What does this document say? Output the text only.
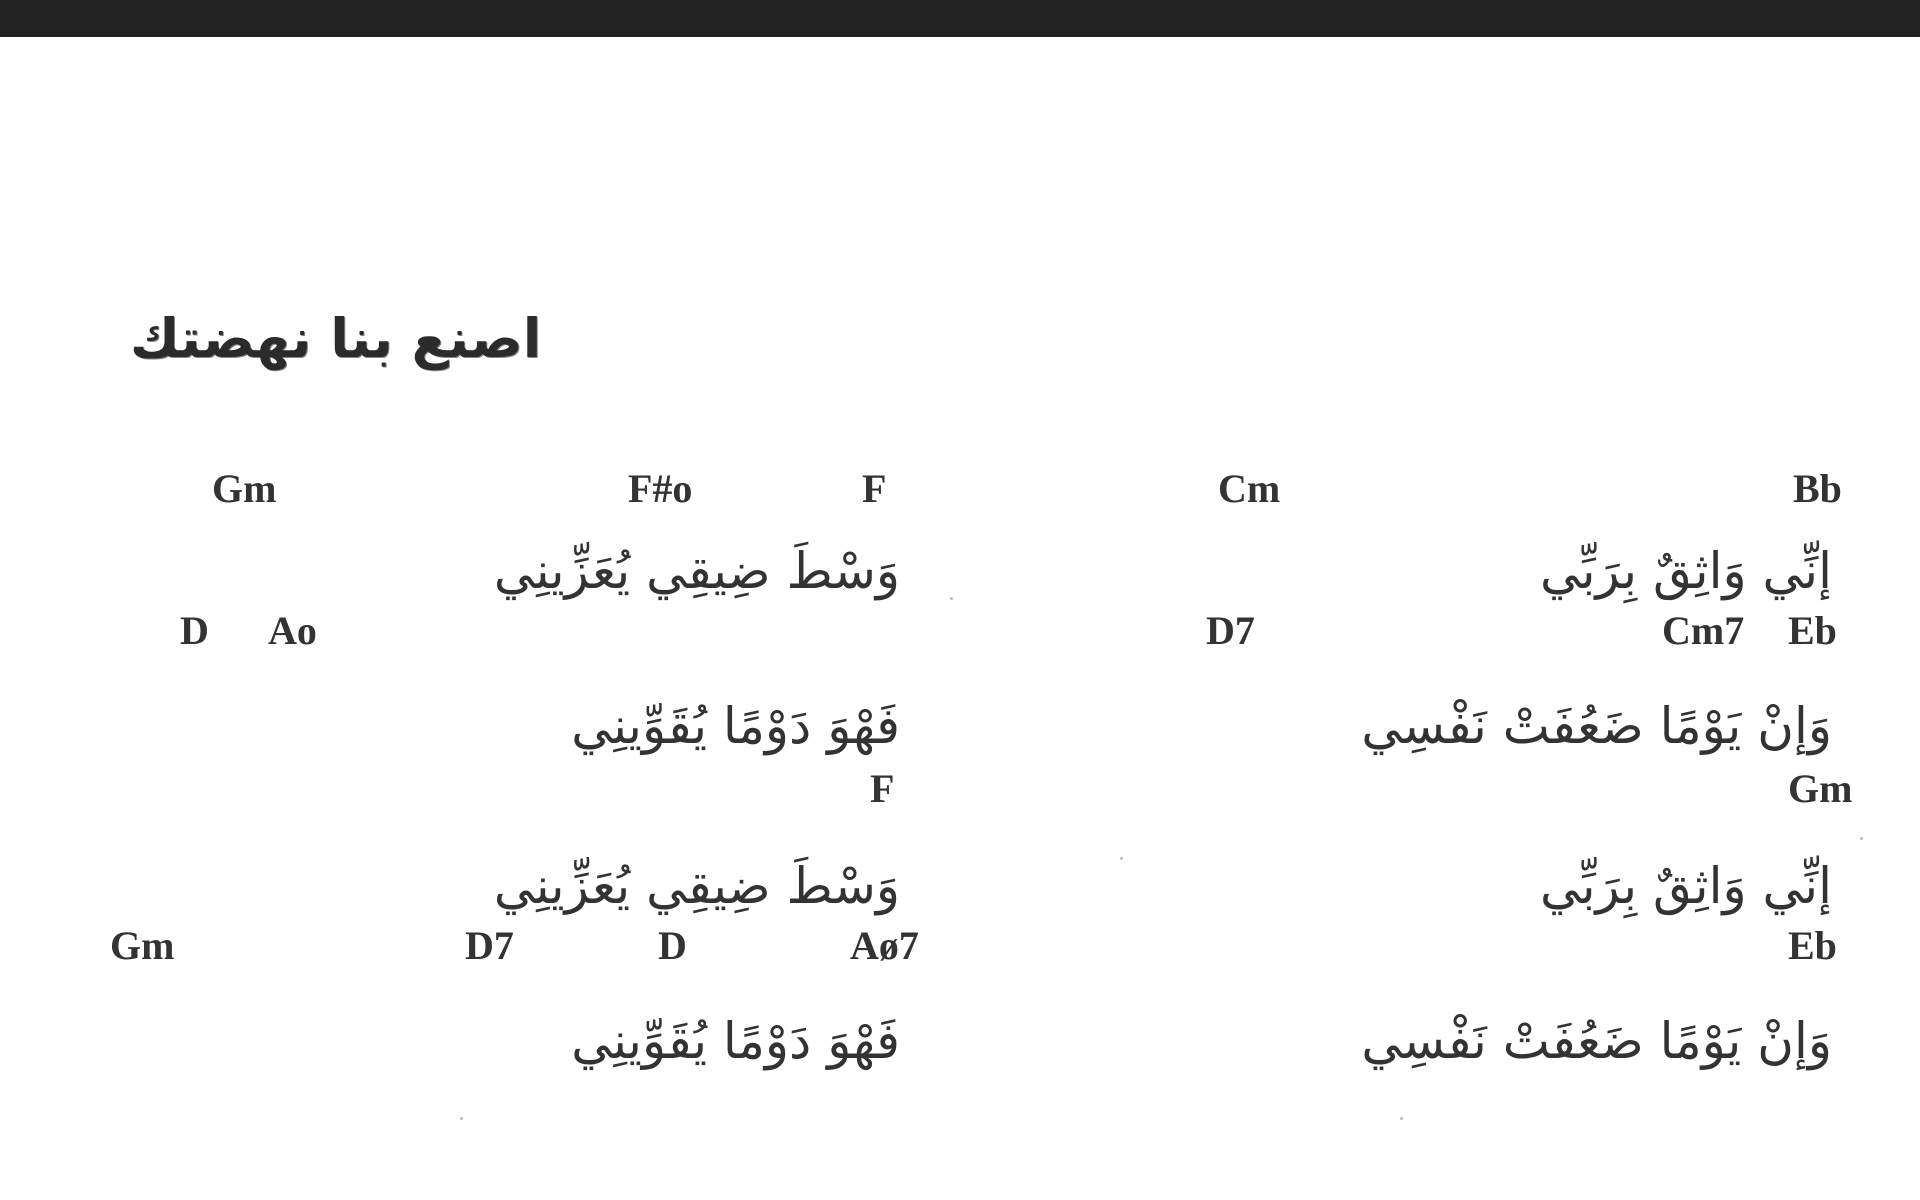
اصنع بنا نهضتك
Gm	F#o	F	Cm	Bb
وَسْطَ ضِيقِي يُعَزِّينِي	إنِّي وَاثِقٌ بِرَبِّي
D Ao	D7	Cm7 Eb
فَهْوَ دَوْمًا يُقَوِّينِي	وَإنْ يَوْمًا ضَعُفَتْ نَفْسِي
F	Gm
وَسْطَ ضِيقِي يُعَزِّينِي	إنِّي وَاثِقٌ بِرَبِّي
Gm	D7	D	Aø7	Eb
فَهْوَ دَوْمًا يُقَوِّينِي	وَإنْ يَوْمًا ضَعُفَتْ نَفْسِي
